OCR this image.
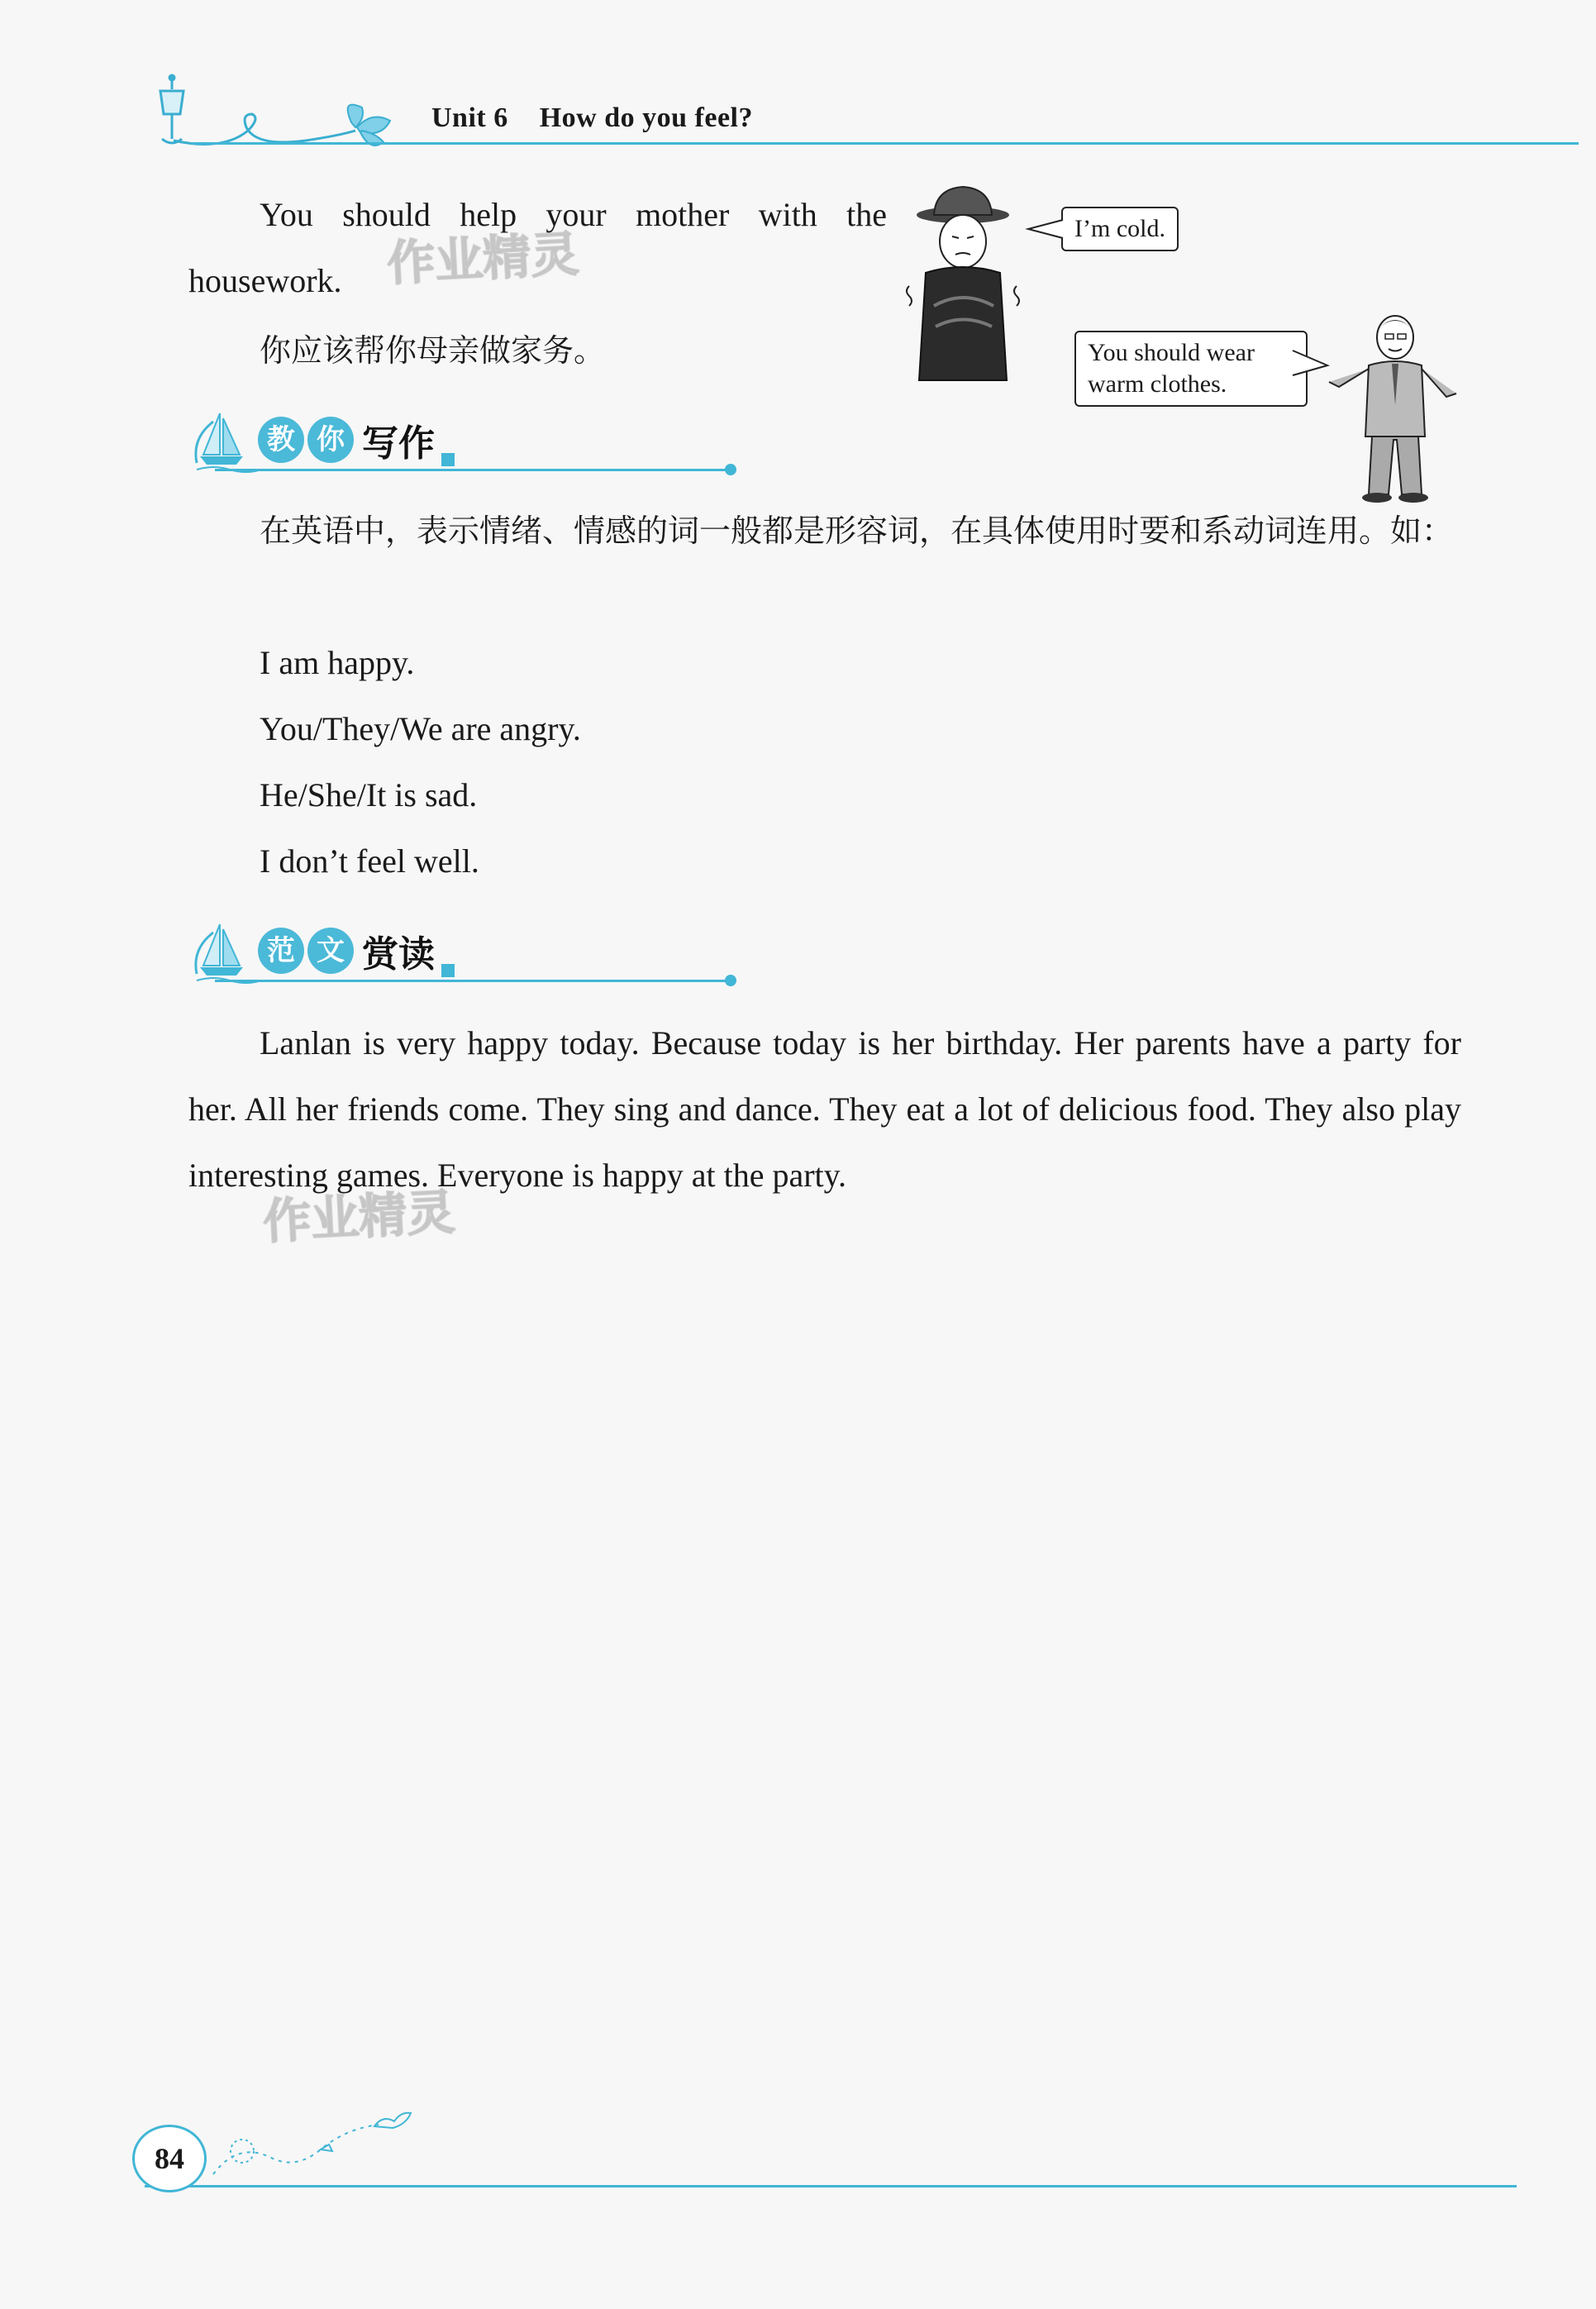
Unit 6 How do you feel?
You should help your mother with the housework.
你应该帮你母亲做家务。
I’m cold.
You should wear warm clothes.
教 你 写作
在英语中，表示情绪、情感的词一般都是形容词，在具体使用时要和系动词连用。如：
I am happy.
You/They/We are angry.
He/She/It is sad.
I don’t feel well.
范 文 赏读
Lanlan is very happy today. Because today is her birthday. Her parents have a party for her. All her friends come. They sing and dance. They eat a lot of delicious food. They also play interesting games. Everyone is happy at the party.
作业精灵
作业精灵
84
